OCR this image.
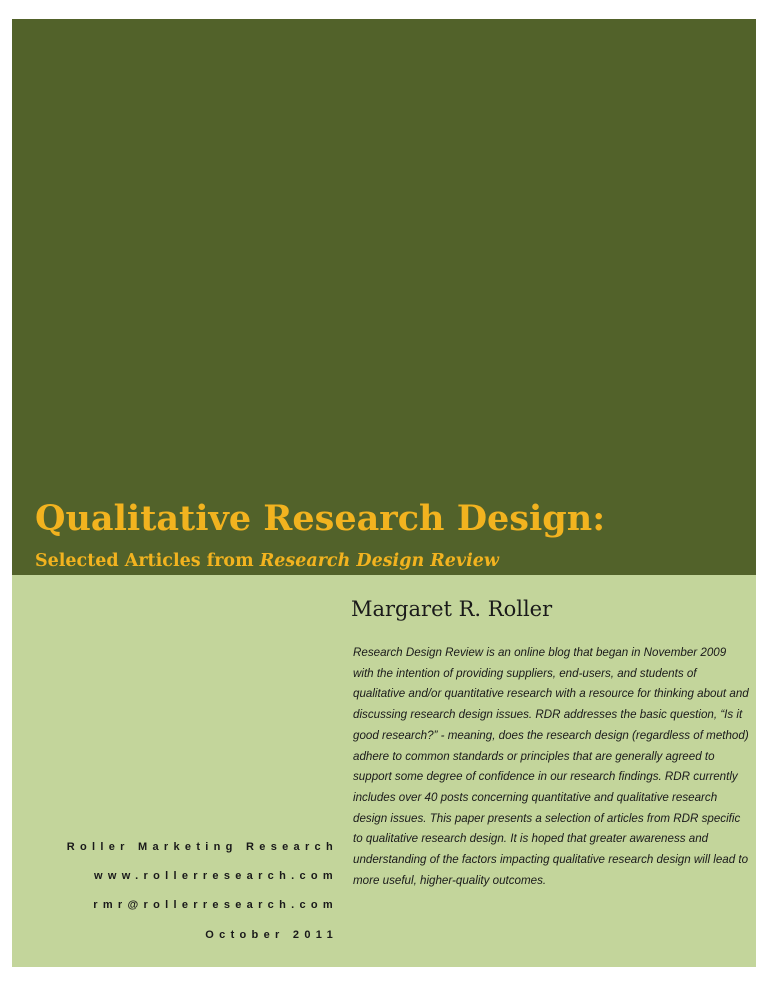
Qualitative Research Design:
Selected Articles from Research Design Review

Margaret R. Roller

Research Design Review is an online blog that began in November 2009 with the intention of providing suppliers, end-users, and students of qualitative and/or quantitative research with a resource for thinking about and discussing research design issues. RDR addresses the basic question, “Is it good research?” - meaning, does the research design (regardless of method) adhere to common standards or principles that are generally agreed to support some degree of confidence in our research findings. RDR currently includes over 40 posts concerning quantitative and qualitative research design issues. This paper presents a selection of articles from RDR specific to qualitative research design. It is hoped that greater awareness and understanding of the factors impacting qualitative research design will lead to more useful, higher-quality outcomes.

Roller Marketing Research

www.rollerresearch.com

rmr@rollerresearch.com

October 2011
